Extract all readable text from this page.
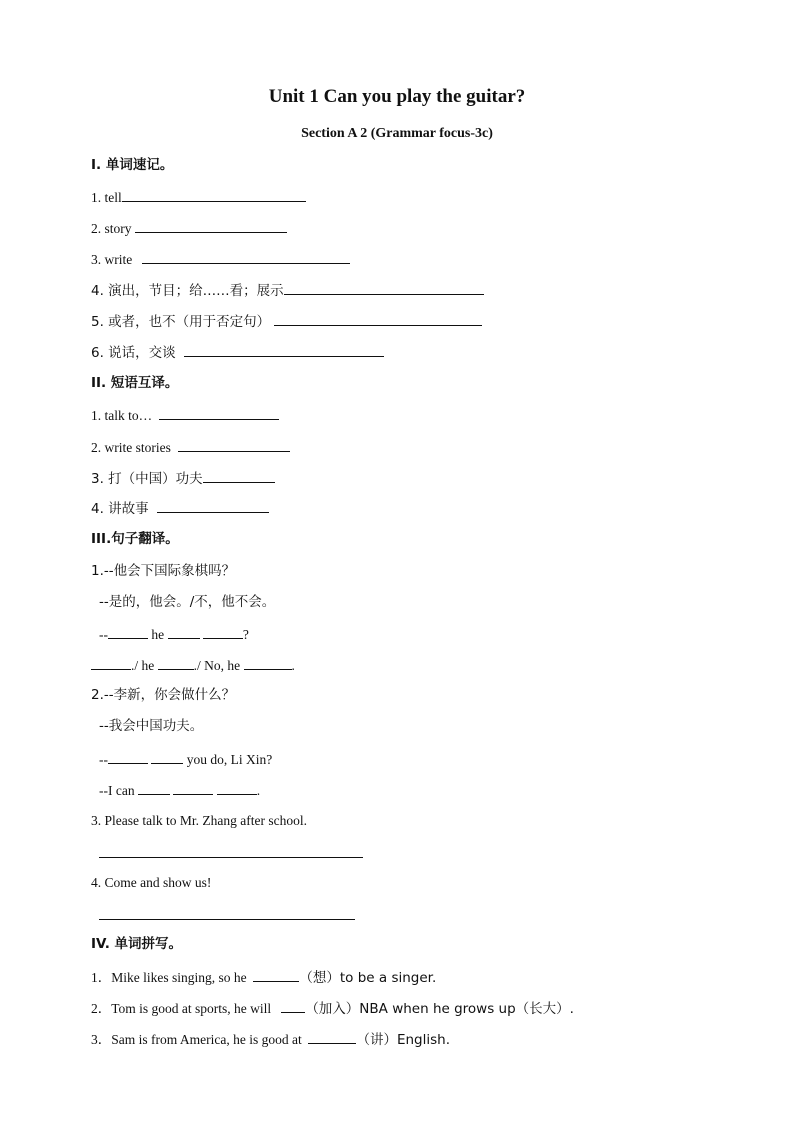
Unit 1 Can you play the guitar?
Section A 2 (Grammar focus-3c)
I. 单词速记。
1. tell
2. story
3. write
4. 演出，节目；给……看；展示
5. 或者，也不（用于否定句）
6. 说话，交谈
II. 短语互译。
1. talk to…
2. write stories
3. 打（中国）功夫
4. 讲故事
III.句子翻译。
1.--他会下国际象棋吗？
--是的，他会。/不，他不会。
--	he	?
./ he	./ No, he	.
2.--李新，你会做什么？
--我会中国功夫。
--	you do, Li Xin?
--I can	.
3. Please talk to Mr. Zhang after school.
4. Come and show us!
IV. 单词拼写。
1．Mike likes singing, so he	（想）to be a singer.
2．Tom is good at sports, he will	（加入）NBA when he grows up（长大）.
3．Sam is from America, he is good at	（讲）English.
